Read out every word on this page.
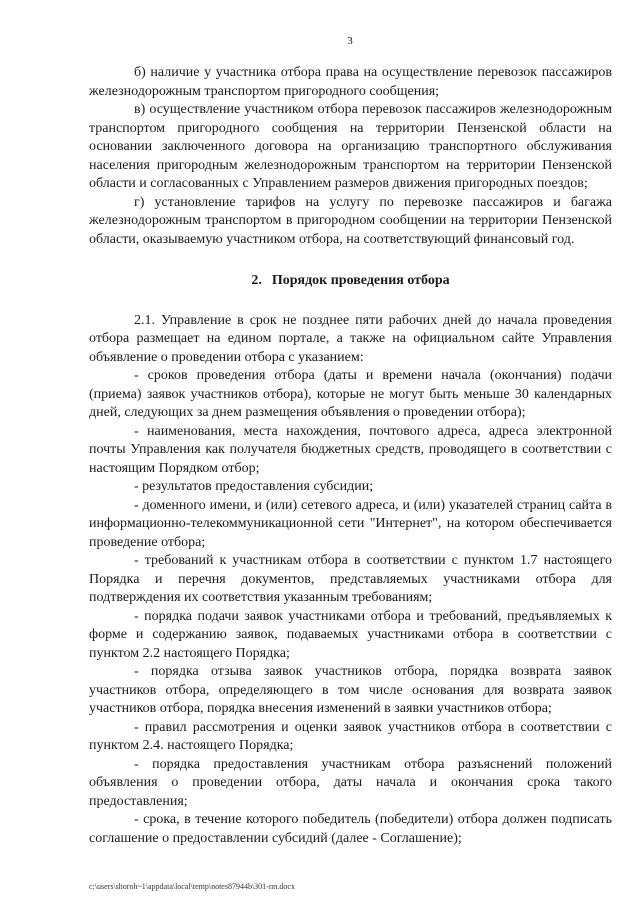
3

б) наличие у участника отбора права на осуществление перевозок пассажиров железнодорожным транспортом пригородного сообщения;

в) осуществление участником отбора перевозок пассажиров железнодорожным транспортом пригородного сообщения на территории Пензенской области на основании заключенного договора на организацию транспортного обслуживания населения пригородным железнодорожным транспортом на территории Пензенской области и согласованных с Управлением размеров движения пригородных поездов;

г) установление тарифов на услугу по перевозке пассажиров и багажа железнодорожным транспортом в пригородном сообщении на территории Пензенской области, оказываемую участником отбора, на соответствующий финансовый год.

2. Порядок проведения отбора

2.1. Управление в срок не позднее пяти рабочих дней до начала проведения отбора размещает на едином портале, а также на официальном сайте Управления объявление о проведении отбора с указанием:

- сроков проведения отбора (даты и времени начала (окончания) подачи (приема) заявок участников отбора), которые не могут быть меньше 30 календарных дней, следующих за днем размещения объявления о проведении отбора);

- наименования, места нахождения, почтового адреса, адреса электронной почты Управления как получателя бюджетных средств, проводящего в соответствии с настоящим Порядком отбор;

- результатов предоставления субсидии;

- доменного имени, и (или) сетевого адреса, и (или) указателей страниц сайта в информационно-телекоммуникационной сети "Интернет", на котором обеспечивается проведение отбора;

- требований к участникам отбора в соответствии с пунктом 1.7 настоящего Порядка и перечня документов, представляемых участниками отбора для подтверждения их соответствия указанным требованиям;

- порядка подачи заявок участниками отбора и требований, предъявляемых к форме и содержанию заявок, подаваемых участниками отбора в соответствии с пунктом 2.2 настоящего Порядка;

- порядка отзыва заявок участников отбора, порядка возврата заявок участников отбора, определяющего в том числе основания для возврата заявок участников отбора, порядка внесения изменений в заявки участников отбора;

- правил рассмотрения и оценки заявок участников отбора в соответствии с пунктом 2.4. настоящего Порядка;

- порядка предоставления участникам отбора разъяснений положений объявления о проведении отбора, даты начала и окончания срока такого предоставления;

- срока, в течение которого победитель (победители) отбора должен подписать соглашение о предоставлении субсидий (далее - Соглашение);

c:\users\shoroh~1\appdata\local\temp\notes87944b\301-пп.docx
